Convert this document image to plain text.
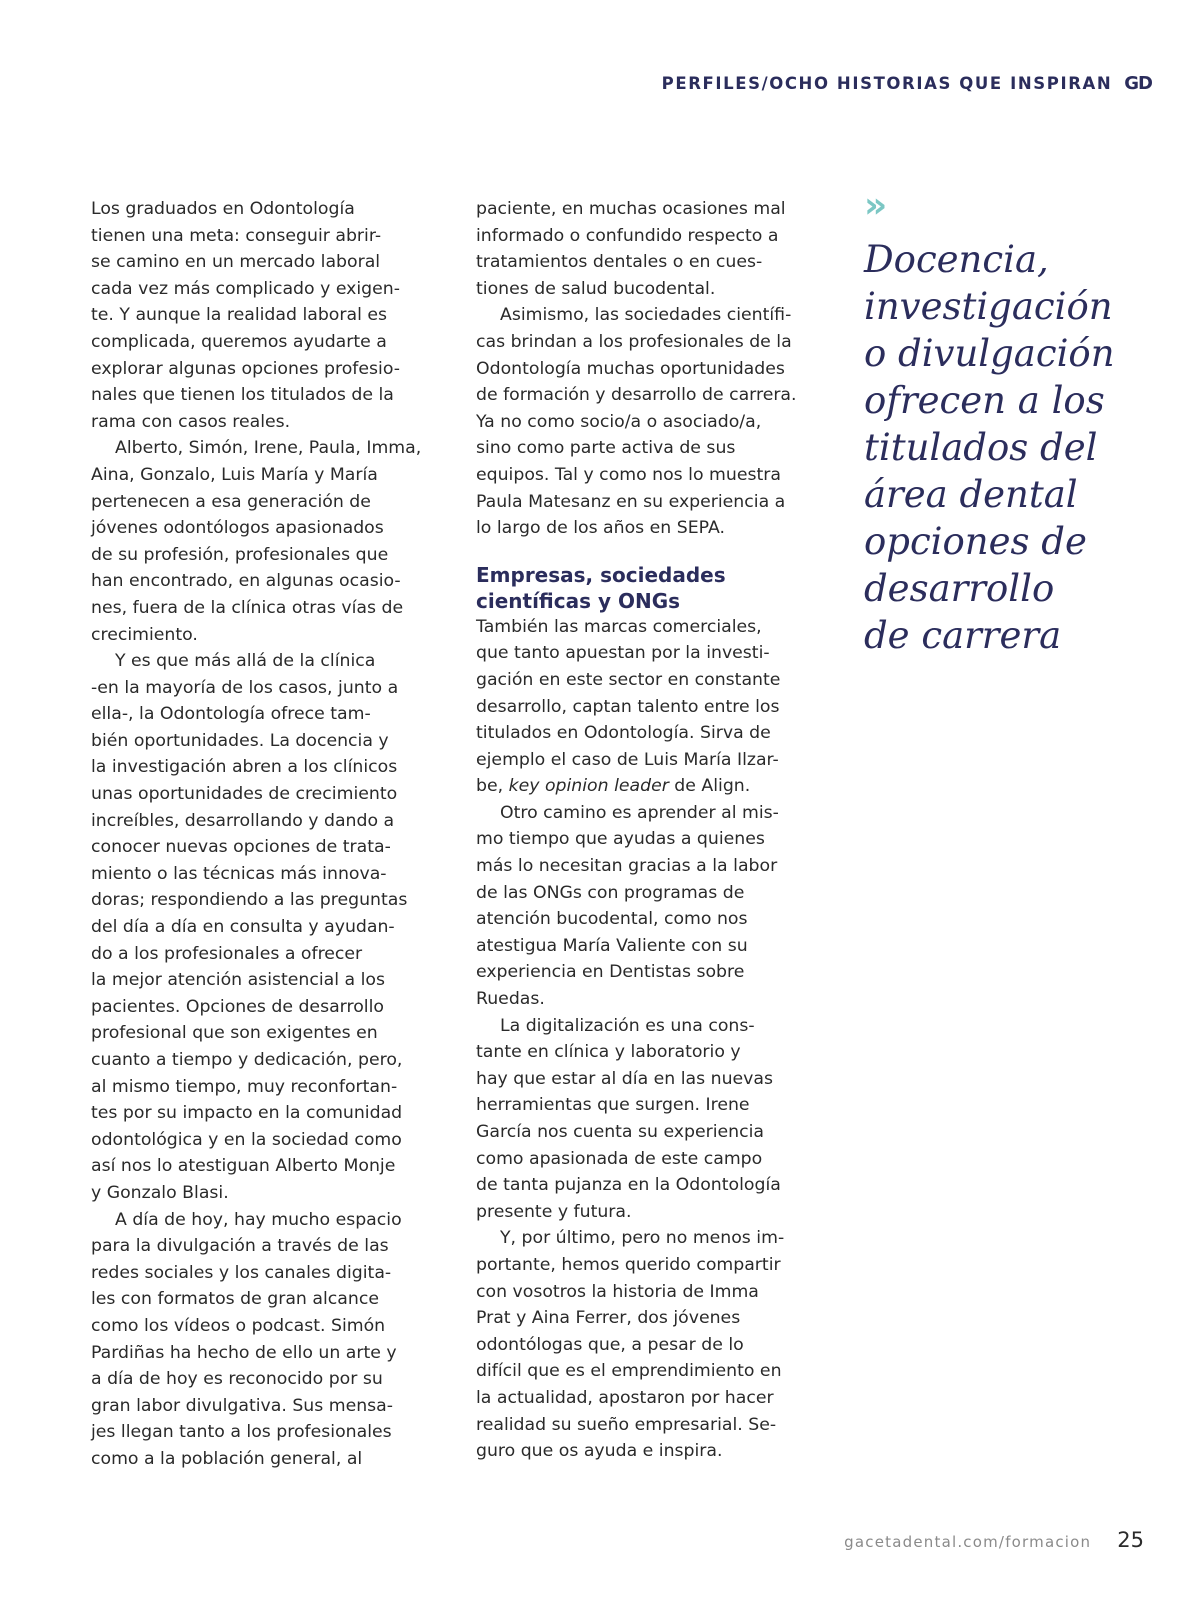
PERFILES/OCHO HISTORIAS QUE INSPIRAN GD

Los graduados en Odontología
tienen una meta: conseguir abrir-
se camino en un mercado laboral
cada vez más complicado y exigen-
te. Y aunque la realidad laboral es
complicada, queremos ayudarte a
explorar algunas opciones profesio-
nales que tienen los titulados de la
rama con casos reales.

Alberto, Simón, Irene, Paula, Imma,
Aina, Gonzalo, Luis María y María
pertenecen a esa generación de
jóvenes odontólogos apasionados
de su profesión, profesionales que
han encontrado, en algunas ocasio-
nes, fuera de la clínica otras vías de
crecimiento.

Y es que más allá de la clínica
-en la mayoría de los casos, junto a
ella-, la Odontología ofrece tam-
bién oportunidades. La docencia y
la investigación abren a los clínicos
unas oportunidades de crecimiento
increíbles, desarrollando y dando a
conocer nuevas opciones de trata-
miento o las técnicas más innova-
doras; respondiendo a las preguntas
del día a día en consulta y ayudan-
do a los profesionales a ofrecer
la mejor atención asistencial a los
pacientes. Opciones de desarrollo
profesional que son exigentes en
cuanto a tiempo y dedicación, pero,
al mismo tiempo, muy reconfortan-
tes por su impacto en la comunidad
odontológica y en la sociedad como
así nos lo atestiguan Alberto Monje
y Gonzalo Blasi.

A día de hoy, hay mucho espacio
para la divulgación a través de las
redes sociales y los canales digita-
les con formatos de gran alcance
como los vídeos o podcast. Simón
Pardiñas ha hecho de ello un arte y
a día de hoy es reconocido por su
gran labor divulgativa. Sus mensa-
jes llegan tanto a los profesionales
como a la población general, al

paciente, en muchas ocasiones mal
informado o confundido respecto a
tratamientos dentales o en cues-
tiones de salud bucodental.

Asimismo, las sociedades científi-
cas brindan a los profesionales de la
Odontología muchas oportunidades
de formación y desarrollo de carrera.
Ya no como socio/a o asociado/a,
sino como parte activa de sus
equipos. Tal y como nos lo muestra
Paula Matesanz en su experiencia a
lo largo de los años en SEPA.

Empresas, sociedades
científicas y ONGs

También las marcas comerciales,
que tanto apuestan por la investi-
gación en este sector en constante
desarrollo, captan talento entre los
titulados en Odontología. Sirva de
ejemplo el caso de Luis María Ilzar-
be, key opinion leader de Align.

Otro camino es aprender al mis-
mo tiempo que ayudas a quienes
más lo necesitan gracias a la labor
de las ONGs con programas de
atención bucodental, como nos
atestigua María Valiente con su
experiencia en Dentistas sobre
Ruedas.

La digitalización es una cons-
tante en clínica y laboratorio y
hay que estar al día en las nuevas
herramientas que surgen. Irene
García nos cuenta su experiencia
como apasionada de este campo
de tanta pujanza en la Odontología
presente y futura.

Y, por último, pero no menos im-
portante, hemos querido compartir
con vosotros la historia de Imma
Prat y Aina Ferrer, dos jóvenes
odontólogas que, a pesar de lo
difícil que es el emprendimiento en
la actualidad, apostaron por hacer
realidad su sueño empresarial. Se-
guro que os ayuda e inspira.

»
Docencia,
investigación
o divulgación
ofrecen a los
titulados del
área dental
opciones de
desarrollo
de carrera
gacetadental.com/formacion 25
